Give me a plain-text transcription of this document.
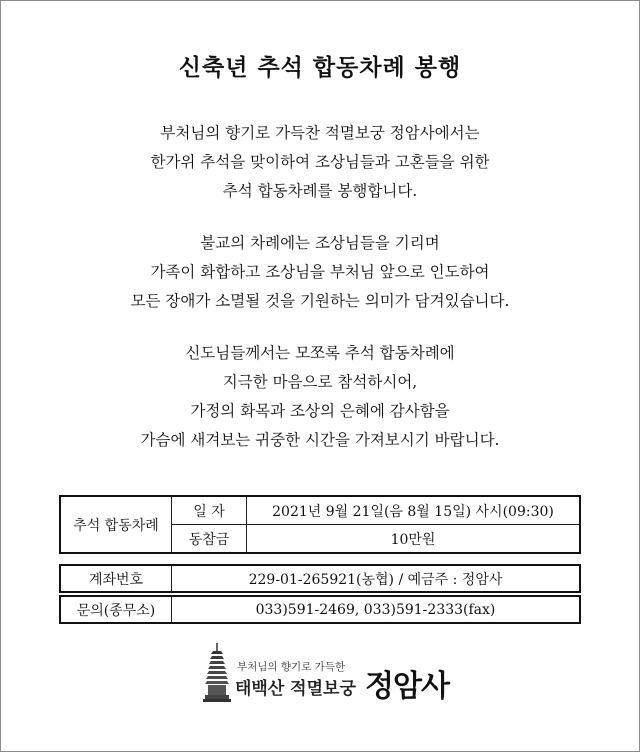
신축년 추석 합동차례 봉행
부처님의 향기로 가득찬 적멸보궁 정암사에서는
한가위 추석을 맞이하여 조상님들과 고혼들을 위한
추석 합동차례를 봉행합니다.
불교의 차례에는 조상님들을 기리며
가족이 화합하고 조상님을 부처님 앞으로 인도하여
모든 장애가 소멸될 것을 기원하는 의미가 담겨있습니다.
신도님들께서는 모쪼록 추석 합동차례에
지극한 마음으로 참석하시어,
가정의 화목과 조상의 은혜에 감사함을
가슴에 새겨보는 귀중한 시간을 가져보시기 바랍니다.
추석 합동차례	일 자	2021년 9월 21일(음 8월 15일) 사시(09:30)
	동참금	10만원
계좌번호	229-01-265921(농협) / 예금주 : 정암사
문의(종무소)	033)591-2469, 033)591-2333(fax)
부처님의 향기로 가득한
태백산 적멸보궁 정암사
